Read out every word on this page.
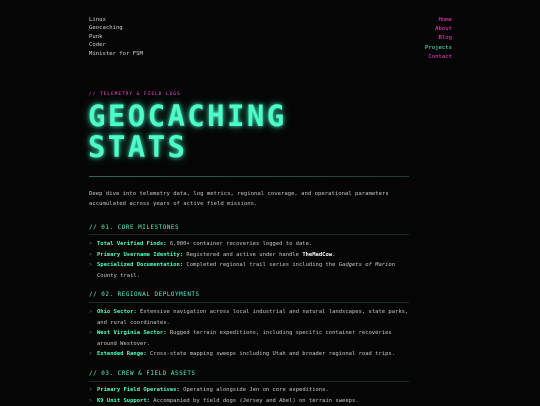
Linux
Geocaching
Punk
Coder
Minister for FSM
Home
About
Blog
Projects
Contact
// TELEMETRY & FIELD LOGS
GEOCACHING
STATS

Deep dive into telemetry data, log metrics, regional coverage, and operational parameters accumulated across years of active field missions.

// 01. CORE MILESTONES
> Total Verified Finds: 6,000+ container recoveries logged to date.
> Primary Username Identity: Registered and active under handle TheMadCow.
> Specialized Documentation: Completed regional trail series including the Gadgets of Marion County trail.
// 02. REGIONAL DEPLOYMENTS
> Ohio Sector: Extensive navigation across local industrial and natural landscapes, state parks, and rural coordinates.
> West Virginia Sector: Rugged terrain expeditions, including specific container recoveries around Westover.
> Extended Range: Cross-state mapping sweeps including Utah and broader regional road trips.
// 03. CREW & FIELD ASSETS
> Primary Field Operatives: Operating alongside Jen on core expeditions.
> K9 Unit Support: Accompanied by field dogs (Jersey and Abel) on terrain sweeps.
